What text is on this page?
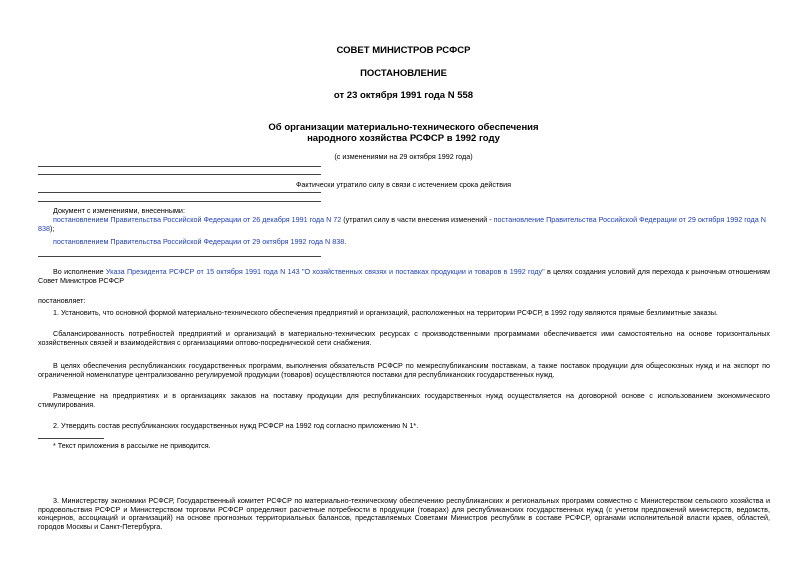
СОВЕТ МИНИСТРОВ РСФСР
ПОСТАНОВЛЕНИЕ
от 23 октября 1991 года N 558
Об организации материально-технического обеспечения
народного хозяйства РСФСР в 1992 году
(с изменениями на 29 октября 1992 года)
Фактически утратило силу в связи с истечением срока действия
Документ с изменениями, внесенными:
постановлением Правительства Российской Федерации от 26 декабря 1991 года N 72 (утратил силу в части внесения изменений - постановление Правительства Российской Федерации от 29 октября 1992 года N 838);
постановлением Правительства Российской Федерации от 29 октября 1992 года N 838.
Во исполнение Указа Президента РСФСР от 15 октября 1991 года N 143 "О хозяйственных связях и поставках продукции и товаров в 1992 году" в целях создания условий для перехода к рыночным отношениям Совет Министров РСФСР
постановляет:
1. Установить, что основной формой материально-технического обеспечения предприятий и организаций, расположенных на территории РСФСР, в 1992 году являются прямые безлимитные заказы.
Сбалансированность потребностей предприятий и организаций в материально-технических ресурсах с производственными программами обеспечивается ими самостоятельно на основе горизонтальных хозяйственных связей и взаимодействия с организациями оптово-посреднической сети снабжения.
В целях обеспечения республиканских государственных программ, выполнения обязательств РСФСР по межреспубликанским поставкам, а также поставок продукции для общесоюзных нужд и на экспорт по ограниченной номенклатуре централизованно регулируемой продукции (товаров) осуществляются поставки для республиканских государственных нужд.
Размещение на предприятиях и в организациях заказов на поставку продукции для республиканских государственных нужд осуществляется на договорной основе с использованием экономического стимулирования.
2. Утвердить состав республиканских государственных нужд РСФСР на 1992 год согласно приложению N 1*.
* Текст приложения в рассылке не приводится.
3. Министерству экономики РСФСР, Государственный комитет РСФСР по материально-техническому обеспечению республиканских и региональных программ совместно с Министерством сельского хозяйства и продовольствия РСФСР и Министерством торговли РСФСР определяют расчетные потребности в продукции (товарах) для республиканских государственных нужд (с учетом предложений министерств, ведомств, концернов, ассоциаций и организаций) на основе прогнозных территориальных балансов, представляемых Советами Министров республик в составе РСФСР, органами исполнительной власти краев, областей, городов Москвы и Санкт-Петербурга.
